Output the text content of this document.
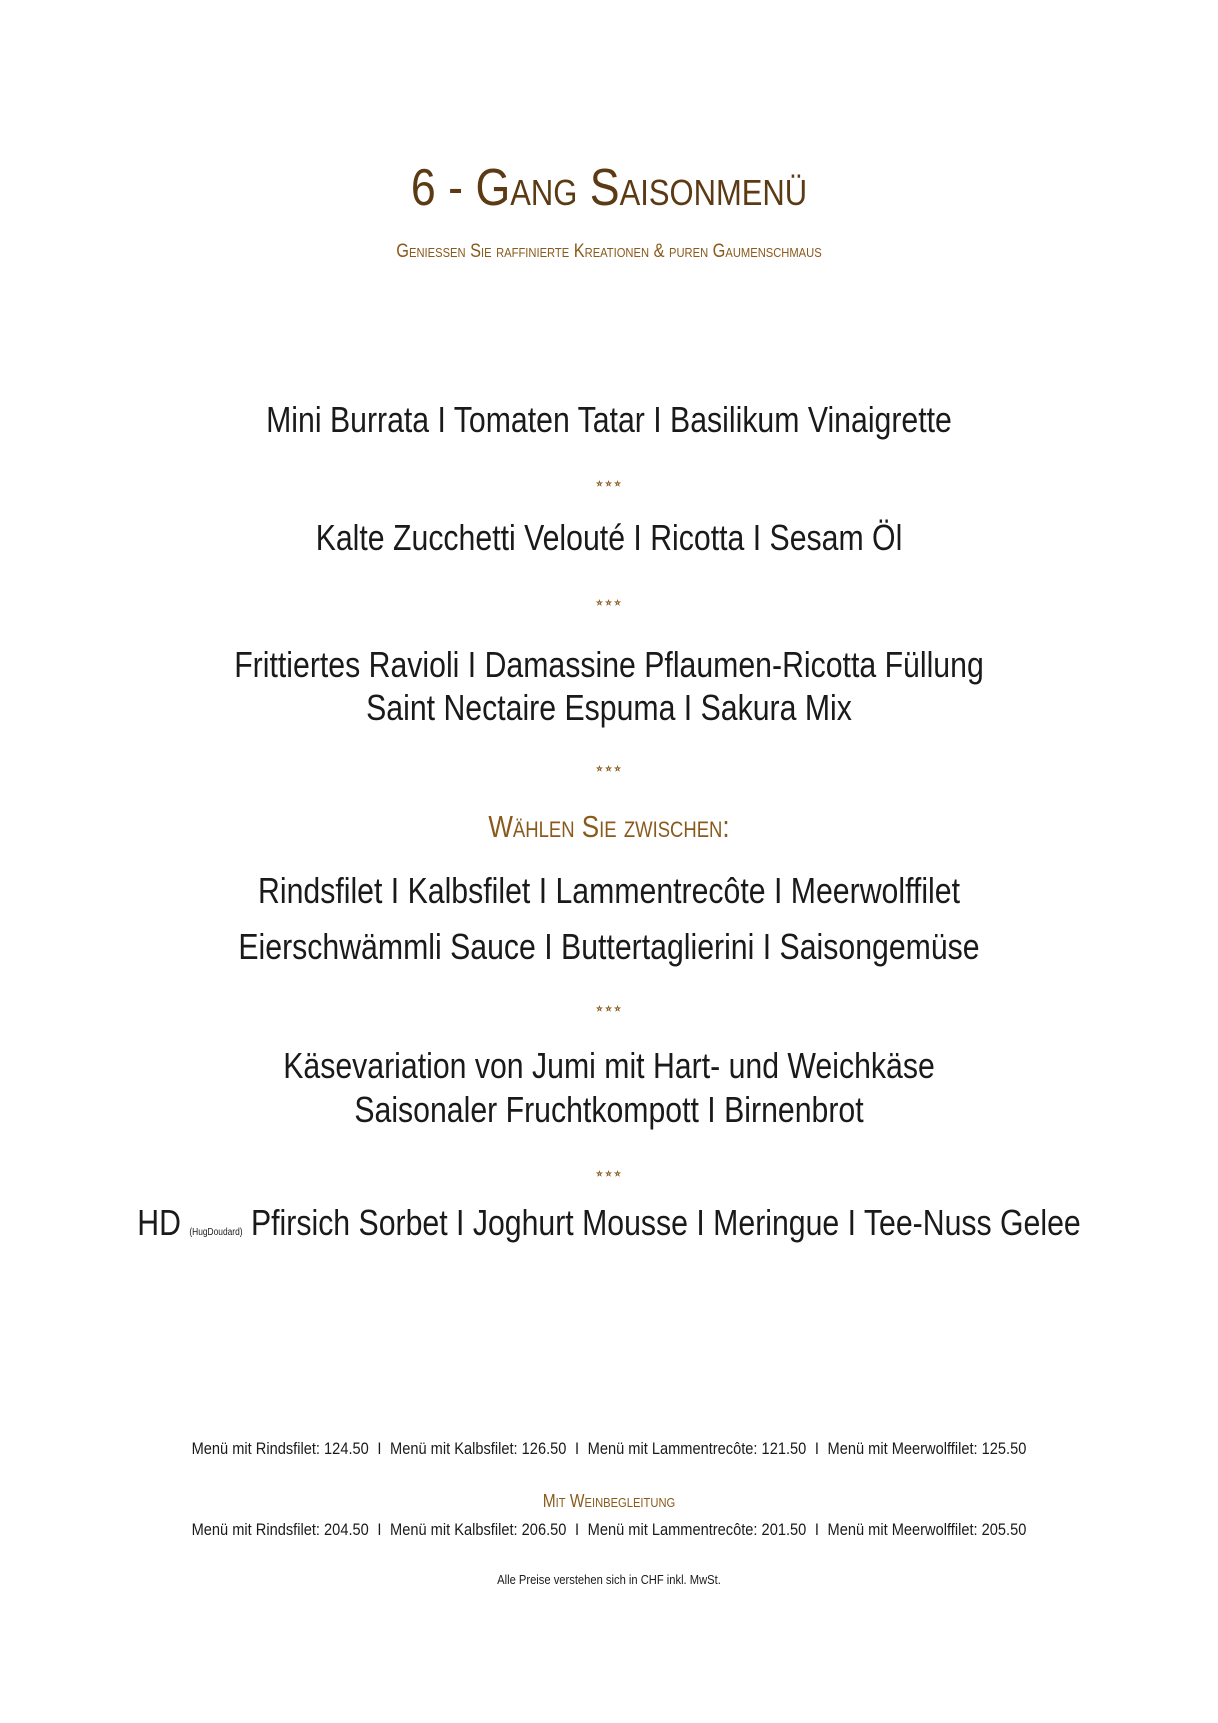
6 - Gang Saisonmenü
Geniessen Sie raffinierte Kreationen & puren Gaumenschmaus
Mini Burrata I Tomaten Tatar I Basilikum Vinaigrette
⭒⭒⭒
Kalte Zucchetti Velouté I Ricotta I Sesam Öl
⭒⭒⭒
Frittiertes Ravioli I Damassine Pflaumen-Ricotta Füllung
Saint Nectaire Espuma I Sakura Mix
⭒⭒⭒
Wählen Sie zwischen:
Rindsfilet I Kalbsfilet I Lammentrecôte I Meerwolffilet
Eierschwämmli Sauce I Buttertaglierini I Saisongemüse
⭒⭒⭒
Käsevariation von Jumi mit Hart- und Weichkäse
Saisonaler Fruchtkompott I Birnenbrot
⭒⭒⭒
HD (HugDoudard) Pfirsich Sorbet I Joghurt Mousse I Meringue I Tee-Nuss Gelee
Menü mit Rindsfilet: 124.50 I Menü mit Kalbsfilet: 126.50 I Menü mit Lammentrecôte: 121.50 I Menü mit Meerwolffilet: 125.50
Mit Weinbegleitung
Menü mit Rindsfilet: 204.50 I Menü mit Kalbsfilet: 206.50 I Menü mit Lammentrecôte: 201.50 I Menü mit Meerwolffilet: 205.50
Alle Preise verstehen sich in CHF inkl. MwSt.
